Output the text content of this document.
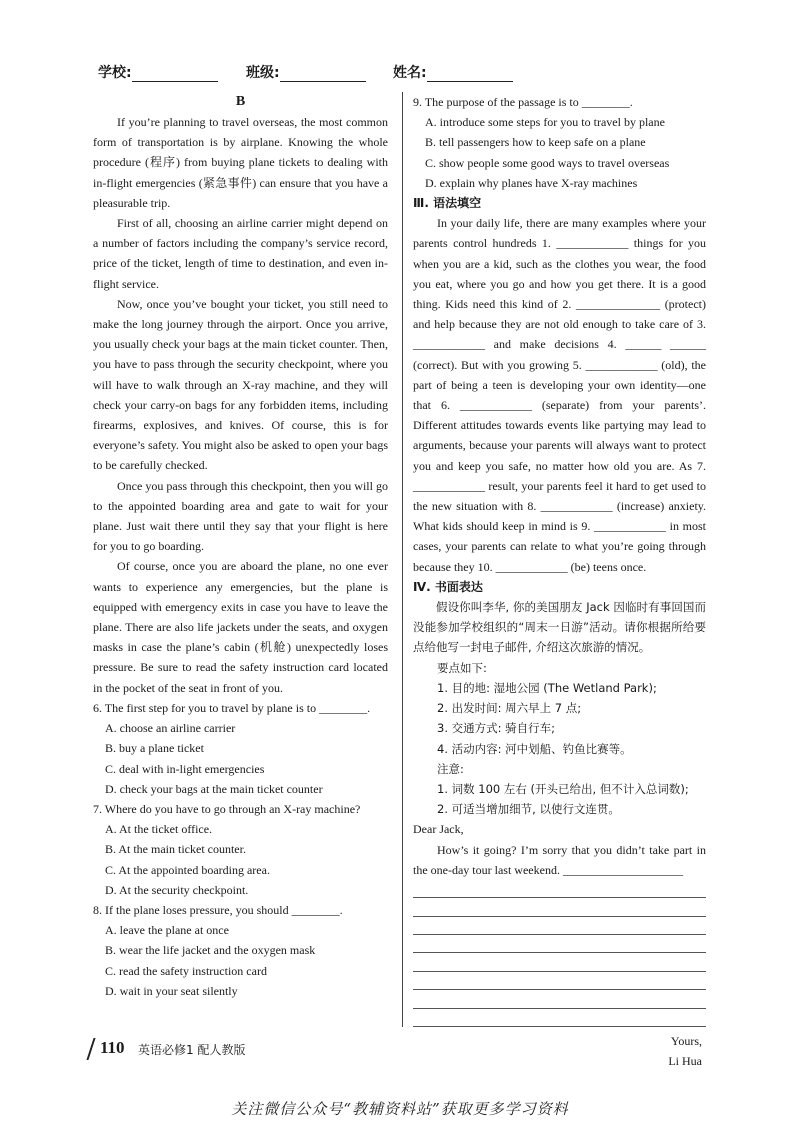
学校:	班级:	姓名:
B

If you’re planning to travel overseas, the most common form of transportation is by airplane. Knowing the whole procedure (程序) from buying plane tickets to dealing with in-flight emergencies (紧急事件) can ensure that you have a pleasurable trip.

First of all, choosing an airline carrier might depend on a number of factors including the company’s service record, price of the ticket, length of time to destination, and even in-flight service.

Now, once you’ve bought your ticket, you still need to make the long journey through the airport. Once you arrive, you usually check your bags at the main ticket counter. Then, you have to pass through the security checkpoint, where you will have to walk through an X-ray machine, and they will check your carry-on bags for any forbidden items, including firearms, explosives, and knives. Of course, this is for everyone’s safety. You might also be asked to open your bags to be carefully checked.

Once you pass through this checkpoint, then you will go to the appointed boarding area and gate to wait for your plane. Just wait there until they say that your flight is here for you to go boarding.

Of course, once you are aboard the plane, no one ever wants to experience any emergencies, but the plane is equipped with emergency exits in case you have to leave the plane. There are also life jackets under the seats, and oxygen masks in case the plane’s cabin (机舱) unexpectedly loses pressure. Be sure to read the safety instruction card located in the pocket of the seat in front of you.

6. The first step for you to travel by plane is to ________.

A. choose an airline carrier

B. buy a plane ticket

C. deal with in-light emergencies

D. check your bags at the main ticket counter

7. Where do you have to go through an X-ray machine?

A. At the ticket office.

B. At the main ticket counter.

C. At the appointed boarding area.

D. At the security checkpoint.

8. If the plane loses pressure, you should ________.

A. leave the plane at once

B. wear the life jacket and the oxygen mask

C. read the safety instruction card

D. wait in your seat silently

9. The purpose of the passage is to ________.

A. introduce some steps for you to travel by plane

B. tell passengers how to keep safe on a plane

C. show people some good ways to travel overseas

D. explain why planes have X-ray machines

Ⅲ. 语法填空

In your daily life, there are many examples where your parents control hundreds 1. ____________ things for you when you are a kid, such as the clothes you wear, the food you eat, where you go and how you get there. It is a good thing. Kids need this kind of 2. ______________ (protect) and help because they are not old enough to take care of 3. ____________ and make decisions 4. ______ ______ (correct). But with you growing 5. ____________ (old), the part of being a teen is developing your own identity—one that 6. ____________ (separate) from your parents’. Different attitudes towards events like partying may lead to arguments, because your parents will always want to protect you and keep you safe, no matter how old you are. As 7. ____________ result, your parents feel it hard to get used to the new situation with 8. ____________ (increase) anxiety. What kids should keep in mind is 9. ____________ in most cases, your parents can relate to what you’re going through because they 10. ____________ (be) teens once.

Ⅳ. 书面表达

假设你叫李华, 你的美国朋友 Jack 因临时有事回国而没能参加学校组织的“周末一日游”活动。请你根据所给要点给他写一封电子邮件, 介绍这次旅游的情况。

要点如下:

1. 目的地: 湿地公园 (The Wetland Park);

2. 出发时间: 周六早上 7 点;

3. 交通方式: 骑自行车;

4. 活动内容: 河中划船、钓鱼比赛等。

注意:

1. 词数 100 左右 (开头已给出, 但不计入总词数);

2. 可适当增加细节, 以使行文连贯。

Dear Jack,

How’s it going? I’m sorry that you didn’t take part in the one-day tour last weekend. ____________________

Yours,

Li Hua

110 英语必修1 配人教版
关注微信公众号“教辅资料站”获取更多学习资料
